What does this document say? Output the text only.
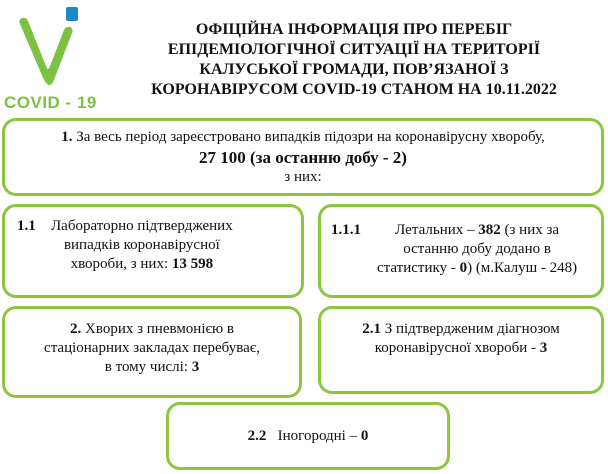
COVID - 19
ОФІЦІЙНА ІНФОРМАЦІЯ ПРО ПЕРЕБІГ
ЕПІДЕМІОЛОГІЧНОЇ СИТУАЦІЇ НА ТЕРИТОРІЇ
КАЛУСЬКОЇ ГРОМАДИ, ПОВ’ЯЗАНОЇ З
КОРОНАВІРУСОМ COVID-19 СТАНОМ НА 10.11.2022
1. За весь період зареєстровано випадків підозри на коронавірусну хворобу,
27 100 (за останню добу - 2)
з них:
1.1	Лабораторно підтверджених
випадків коронавірусної
хвороби, з них: 13 598
1.1.1	Летальних – 382 (з них за
останню добу додано в
статистику - 0) (м.Калуш - 248)
2. Хворих з пневмонією в
стаціонарних закладах перебуває,
в тому числі: 3
2.1 З підтвердженим діагнозом
коронавірусної хвороби - 3
2.2 Іногородні – 0
